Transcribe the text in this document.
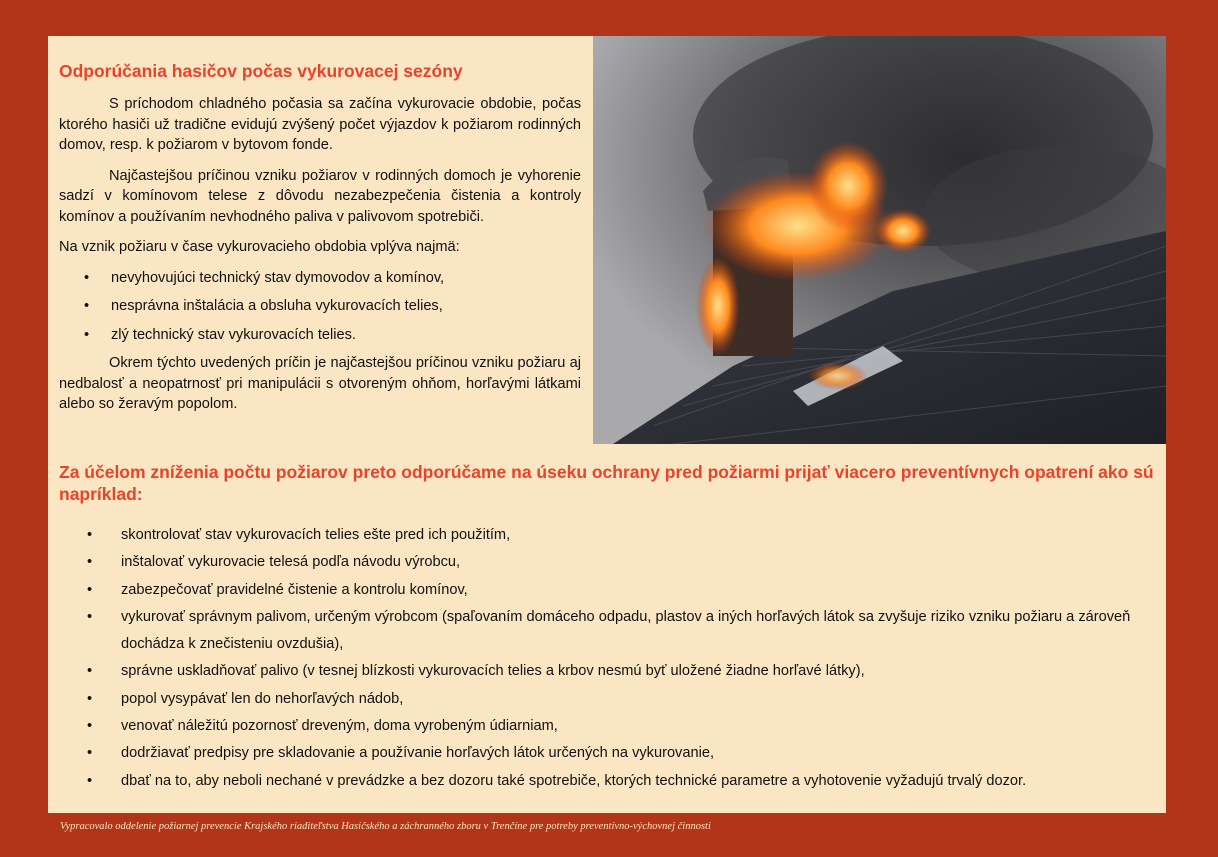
Odporúčania hasičov počas vykurovacej sezóny

S príchodom chladného počasia sa začína vykurovacie obdobie, počas ktorého hasiči už tradične evidujú zvýšený počet výjazdov k požiarom rodinných domov, resp. k požiarom v bytovom fonde.

Najčastejšou príčinou vzniku požiarov v rodinných domoch je vyhorenie sadzí v komínovom telese z dôvodu nezabezpečenia čistenia a kontroly komínov a používaním nevhodného paliva v palivovom spotrebiči.

Na vznik požiaru v čase vykurovacieho obdobia vplýva najmä:

• nevyhovujúci technický stav dymovodov a komínov,
• nesprávna inštalácia a obsluha vykurovacích telies,
• zlý technický stav vykurovacích telies.

Okrem týchto uvedených príčin je najčastejšou príčinou vzniku požiaru aj nedbalosť a neopatrnosť pri manipulácii s otvoreným ohňom, horľavými látkami alebo so žeravým popolom.

Za účelom zníženia počtu požiarov preto odporúčame na úseku ochrany pred požiarmi prijať viacero preventívnych opatrení ako sú napríklad:
• skontrolovať stav vykurovacích telies ešte pred ich použitím,
• inštalovať vykurovacie telesá podľa návodu výrobcu,
• zabezpečovať pravidelné čistenie a kontrolu komínov,
• vykurovať správnym palivom, určeným výrobcom (spaľovaním domáceho odpadu, plastov a iných horľavých látok sa zvyšuje riziko vzniku požiaru a zároveň dochádza k znečisteniu ovzdušia),
• správne uskladňovať palivo (v tesnej blízkosti vykurovacích telies a krbov nesmú byť uložené žiadne horľavé látky),
• popol vysypávať len do nehorľavých nádob,
• venovať náležitú pozornosť dreveným, doma vyrobeným údiarniam,
• dodržiavať predpisy pre skladovanie a používanie horľavých látok určených na vykurovanie,
• dbať na to, aby neboli nechané v prevádzke a bez dozoru také spotrebiče, ktorých technické parametre a vyhotovenie vyžadujú trvalý dozor.
Vypracovalo oddelenie požiarnej prevencie Krajského riaditeľstva Hasičského a záchranného zboru v Trenčíne pre potreby preventívno-výchovnej činnosti
